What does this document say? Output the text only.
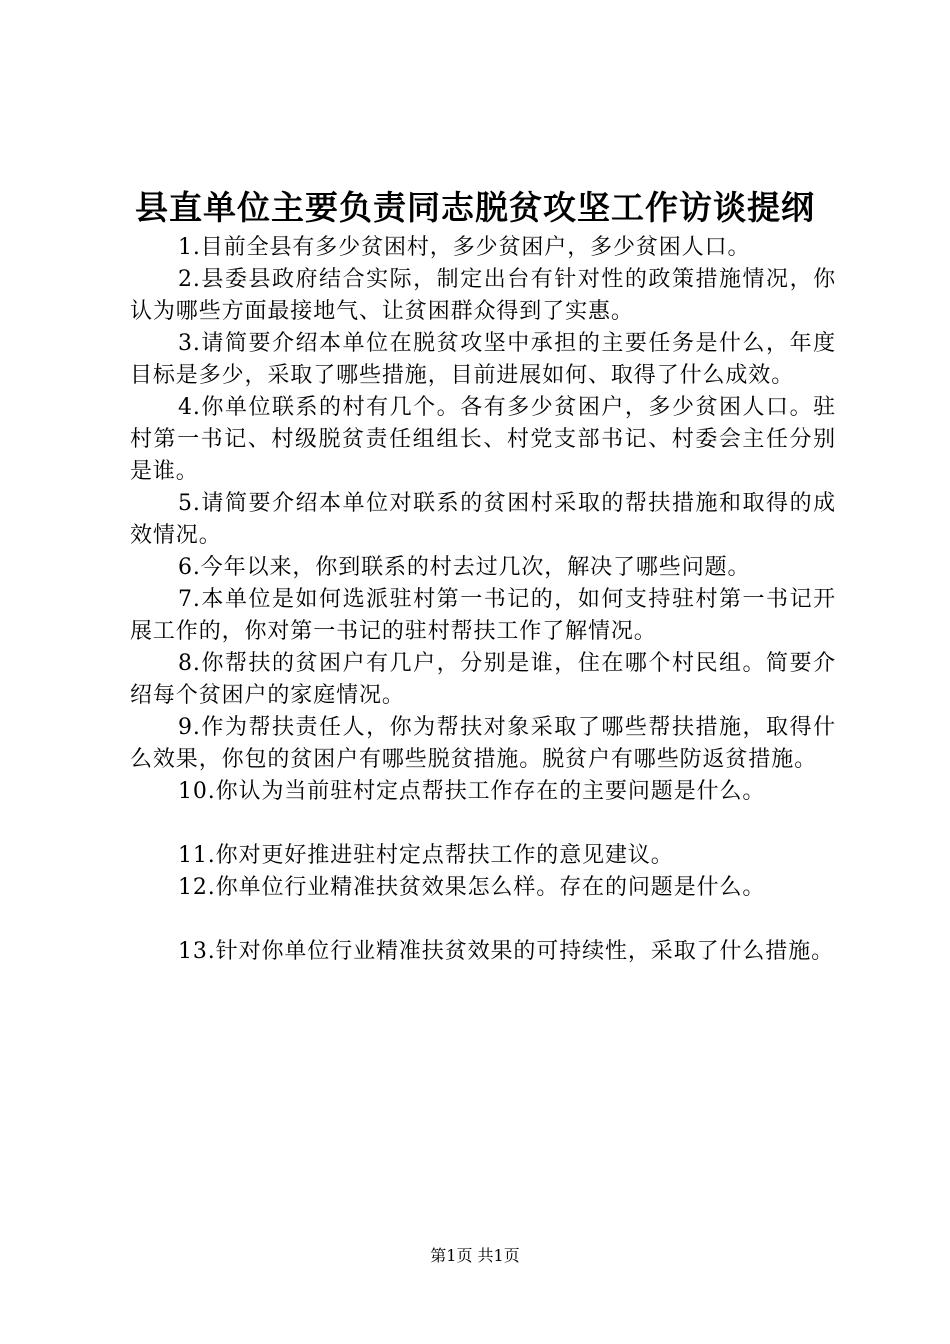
县直单位主要负责同志脱贫攻坚工作访谈提纲

1.目前全县有多少贫困村，多少贫困户，多少贫困人口。

2.县委县政府结合实际，制定出台有针对性的政策措施情况，你认为哪些方面最接地气、让贫困群众得到了实惠。

3.请简要介绍本单位在脱贫攻坚中承担的主要任务是什么，年度目标是多少，采取了哪些措施，目前进展如何、取得了什么成效。

4.你单位联系的村有几个。各有多少贫困户，多少贫困人口。驻村第一书记、村级脱贫责任组组长、村党支部书记、村委会主任分别是谁。

5.请简要介绍本单位对联系的贫困村采取的帮扶措施和取得的成效情况。

6.今年以来，你到联系的村去过几次，解决了哪些问题。

7.本单位是如何选派驻村第一书记的，如何支持驻村第一书记开展工作的，你对第一书记的驻村帮扶工作了解情况。

8.你帮扶的贫困户有几户，分别是谁，住在哪个村民组。简要介绍每个贫困户的家庭情况。

9.作为帮扶责任人，你为帮扶对象采取了哪些帮扶措施，取得什么效果，你包的贫困户有哪些脱贫措施。脱贫户有哪些防返贫措施。

10.你认为当前驻村定点帮扶工作存在的主要问题是什么。

11.你对更好推进驻村定点帮扶工作的意见建议。

12.你单位行业精准扶贫效果怎么样。存在的问题是什么。

13.针对你单位行业精准扶贫效果的可持续性，采取了什么措施。

第1页 共1页
